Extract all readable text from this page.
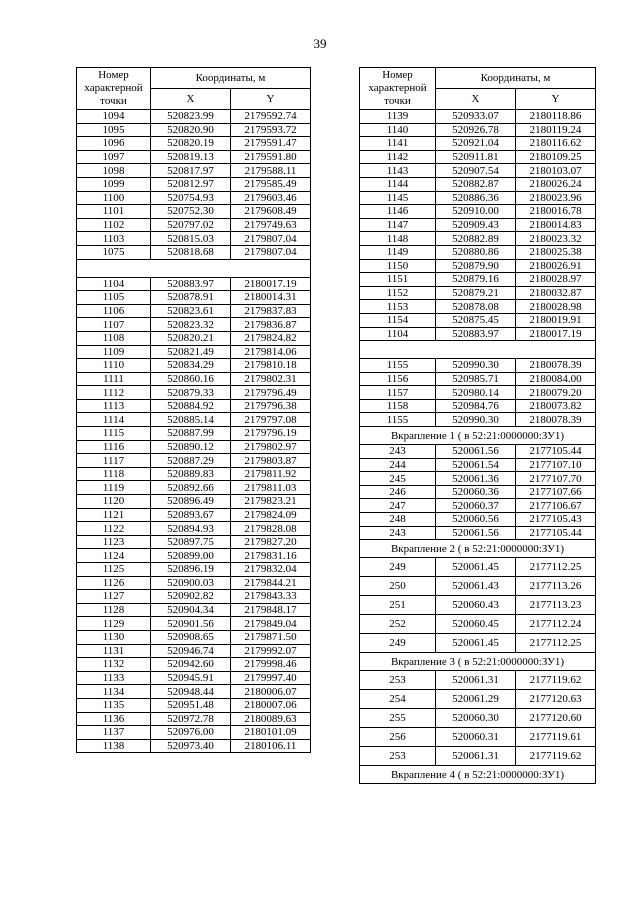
39
Номер характерной точки	Координаты, м	
	X	Y
1094	520823.99	2179592.74
1095	520820.90	2179593.72
1096	520820.19	2179591.47
1097	520819.13	2179591.80
1098	520817.97	2179588.11
1099	520812.97	2179585.49
1100	520754.93	2179603.46
1101	520752.30	2179608.49
1102	520797.02	2179749.63
1103	520815.03	2179807.04
1075	520818.68	2179807.04

1104	520883.97	2180017.19
1105	520878.91	2180014.31
1106	520823.61	2179837.83
1107	520823.32	2179836.87
1108	520820.21	2179824.82
1109	520821.49	2179814.06
1110	520834.29	2179810.18
1111	520860.16	2179802.31
1112	520879.33	2179796.49
1113	520884.92	2179796.38
1114	520885.14	2179797.08
1115	520887.99	2179796.19
1116	520890.12	2179802.97
1117	520887.29	2179803.87
1118	520889.83	2179811.92
1119	520892.66	2179811.03
1120	520896.49	2179823.21
1121	520893.67	2179824.09
1122	520894.93	2179828.08
1123	520897.75	2179827.20
1124	520899.00	2179831.16
1125	520896.19	2179832.04
1126	520900.03	2179844.21
1127	520902.82	2179843.33
1128	520904.34	2179848.17
1129	520901.56	2179849.04
1130	520908.65	2179871.50
1131	520946.74	2179992.07
1132	520942.60	2179998.46
1133	520945.91	2179997.40
1134	520948.44	2180006.07
1135	520951.48	2180007.06
1136	520972.78	2180089.63
1137	520976.00	2180101.09
1138	520973.40	2180106.11
Номер характерной точки	Координаты, м	
	X	Y
1139	520933.07	2180118.86
1140	520926.78	2180119.24
1141	520921.04	2180116.62
1142	520911.81	2180109.25
1143	520907.54	2180103.07
1144	520882.87	2180026.24
1145	520886.36	2180023.96
1146	520910.00	2180016.78
1147	520909.43	2180014.83
1148	520882.89	2180023.32
1149	520880.86	2180025.38
1150	520879.90	2180026.91
1151	520879.16	2180028.97
1152	520879.21	2180032.87
1153	520878.08	2180028.98
1154	520875.45	2180019.91
1104	520883.97	2180017.19

1155	520990.30	2180078.39
1156	520985.71	2180084.00
1157	520980.14	2180079.20
1158	520984.76	2180073.82
1155	520990.30	2180078.39
Вкрапление 1 ( в 52:21:0000000:ЗУ1)		
243	520061.56	2177105.44
244	520061.54	2177107.10
245	520061.36	2177107.70
246	520060.36	2177107.66
247	520060.37	2177106.67
248	520060.56	2177105.43
243	520061.56	2177105.44
Вкрапление 2 ( в 52:21:0000000:ЗУ1)		
249	520061.45	2177112.25
250	520061.43	2177113.26
251	520060.43	2177113.23
252	520060.45	2177112.24
249	520061.45	2177112.25
Вкрапление 3 ( в 52:21:0000000:ЗУ1)		
253	520061.31	2177119.62
254	520061.29	2177120.63
255	520060.30	2177120.60
256	520060.31	2177119.61
253	520061.31	2177119.62
Вкрапление 4 ( в 52:21:0000000:ЗУ1)		
